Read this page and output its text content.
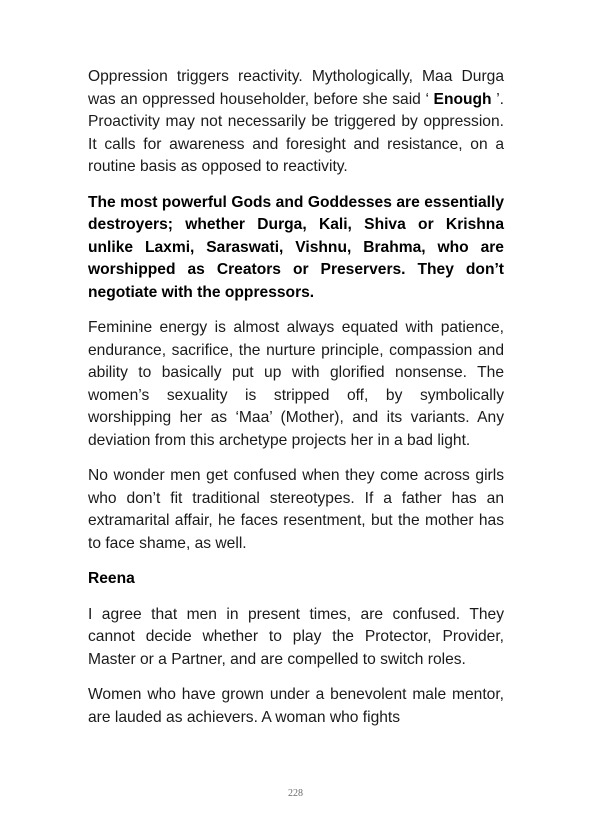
Oppression triggers reactivity. Mythologically, Maa Durga was an oppressed householder, before she said ‘ Enough ’. Proactivity may not necessarily be triggered by oppression. It calls for awareness and foresight and resistance, on a routine basis as opposed to reactivity.

The most powerful Gods and Goddesses are essentially destroyers; whether Durga, Kali, Shiva or Krishna unlike Laxmi, Saraswati, Vishnu, Brahma, who are worshipped as Creators or Preservers. They don’t negotiate with the oppressors.

Feminine energy is almost always equated with patience, endurance, sacrifice, the nurture principle, compassion and ability to basically put up with glorified nonsense. The women’s sexuality is stripped off, by symbolically worshipping her as ‘Maa’ (Mother), and its variants. Any deviation from this archetype projects her in a bad light.

No wonder men get confused when they come across girls who don’t fit traditional stereotypes. If a father has an extramarital affair, he faces resentment, but the mother has to face shame, as well.

Reena

I agree that men in present times, are confused. They cannot decide whether to play the Protector, Provider, Master or a Partner, and are compelled to switch roles.

Women who have grown under a benevolent male mentor, are lauded as achievers. A woman who fights

228
